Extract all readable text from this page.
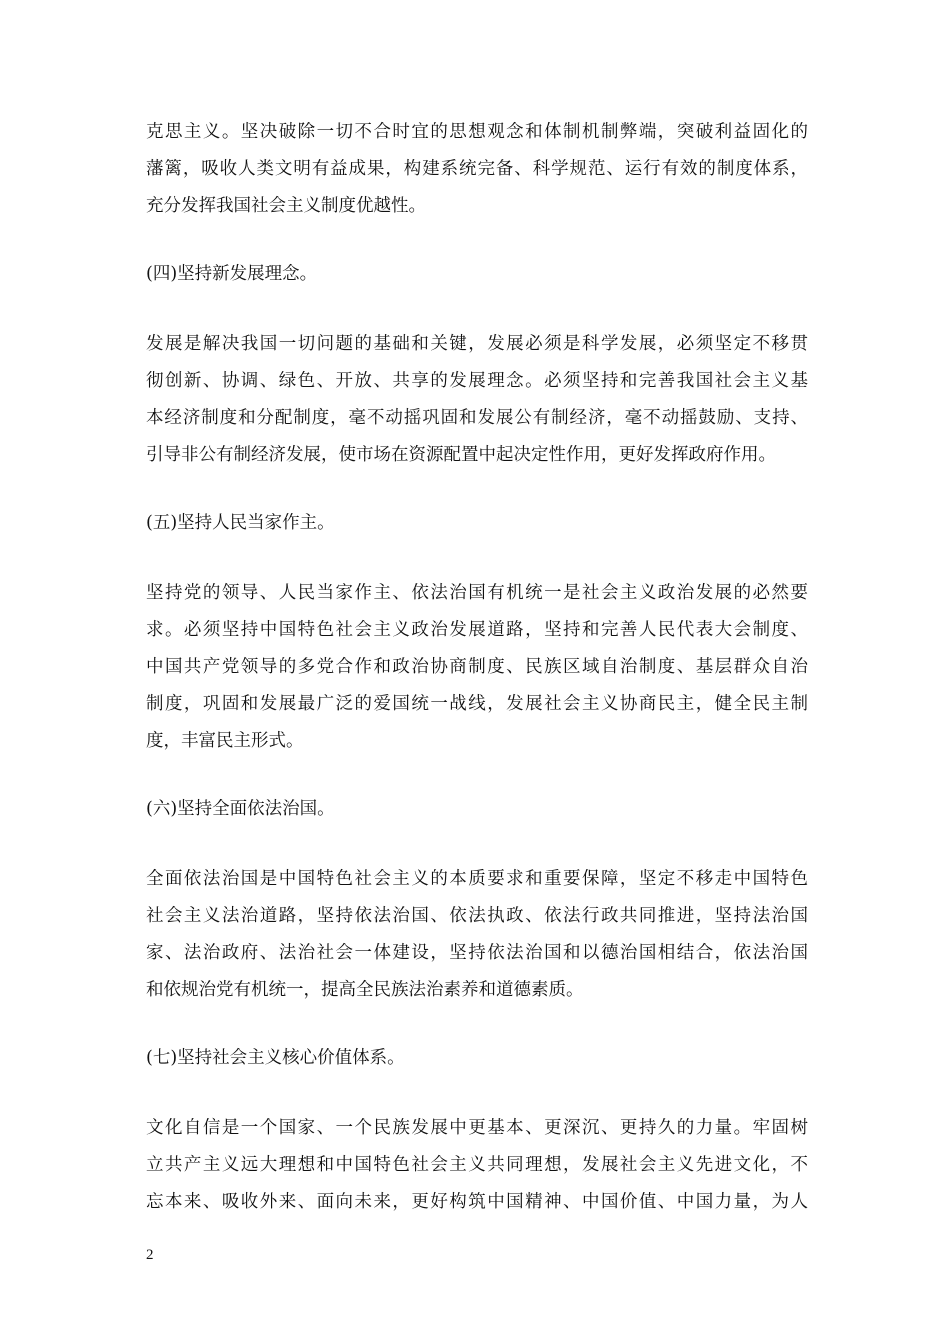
克思主义。坚决破除一切不合时宜的思想观念和体制机制弊端，突破利益固化的
藩篱，吸收人类文明有益成果，构建系统完备、科学规范、运行有效的制度体系，
充分发挥我国社会主义制度优越性。

(四)坚持新发展理念。

发展是解决我国一切问题的基础和关键，发展必须是科学发展，必须坚定不移贯
彻创新、协调、绿色、开放、共享的发展理念。必须坚持和完善我国社会主义基
本经济制度和分配制度，毫不动摇巩固和发展公有制经济，毫不动摇鼓励、支持、
引导非公有制经济发展，使市场在资源配置中起决定性作用，更好发挥政府作用。

(五)坚持人民当家作主。

坚持党的领导、人民当家作主、依法治国有机统一是社会主义政治发展的必然要
求。必须坚持中国特色社会主义政治发展道路，坚持和完善人民代表大会制度、
中国共产党领导的多党合作和政治协商制度、民族区域自治制度、基层群众自治
制度，巩固和发展最广泛的爱国统一战线，发展社会主义协商民主，健全民主制
度，丰富民主形式。

(六)坚持全面依法治国。

全面依法治国是中国特色社会主义的本质要求和重要保障，坚定不移走中国特色
社会主义法治道路，坚持依法治国、依法执政、依法行政共同推进，坚持法治国
家、法治政府、法治社会一体建设，坚持依法治国和以德治国相结合，依法治国
和依规治党有机统一，提高全民族法治素养和道德素质。

(七)坚持社会主义核心价值体系。

文化自信是一个国家、一个民族发展中更基本、更深沉、更持久的力量。牢固树
立共产主义远大理想和中国特色社会主义共同理想，发展社会主义先进文化，不
忘本来、吸收外来、面向未来，更好构筑中国精神、中国价值、中国力量，为人

2
